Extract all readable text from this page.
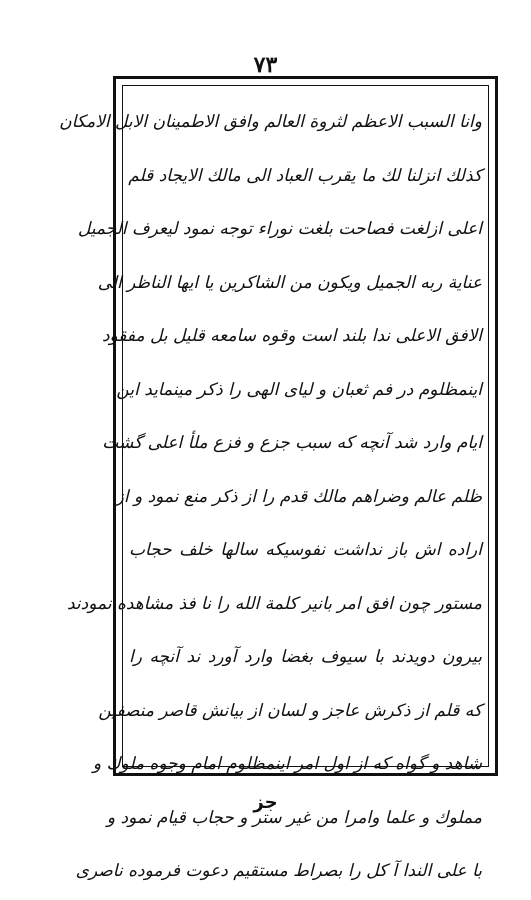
٧٣
وانا السبب الاعظم لثروة العالم وافق الاطمينان الابل الامكان
كذلك انزلنا لك ما يقرب العباد الى مالك الايجاد قلم
اعلى ازلغت فصاحت بلغت نوراء توجه نمود ليعرف الجميل
عناية ربه الجميل ويكون من الشاكرين يا ايها الناظر الى
الافق الاعلى ندا بلند است وقوه سامعه قليل بل مفقود
اينمظلوم در فم ثعبان و لياى الهى را ذكر مينمايد اين
ايام وارد شد آنچه كه سبب جزع و فزع ملأ اعلى گشت
ظلم عالم وضراهم مالك قدم را از ذكر منع نمود و از
اراده اش باز نداشت نفوسيكه سالها خلف حجاب
مستور چون افق امر بانير كلمة الله را نا فذ مشاهده نمودند
بيرون دويدند با سيوف بغضا وارد آورد ند آنچه را
كه قلم از ذكرش عاجز و لسان از بيانش قاصر منصفين
شاهد و گواه كه از اول امر اينمظلوم امام وجوه ملوك و
مملوك و علما وامرا من غير ستر و حجاب قيام نمود و
با على الندا آ كل را بصراط مستقيم دعوت فرموده ناصرى
جز
